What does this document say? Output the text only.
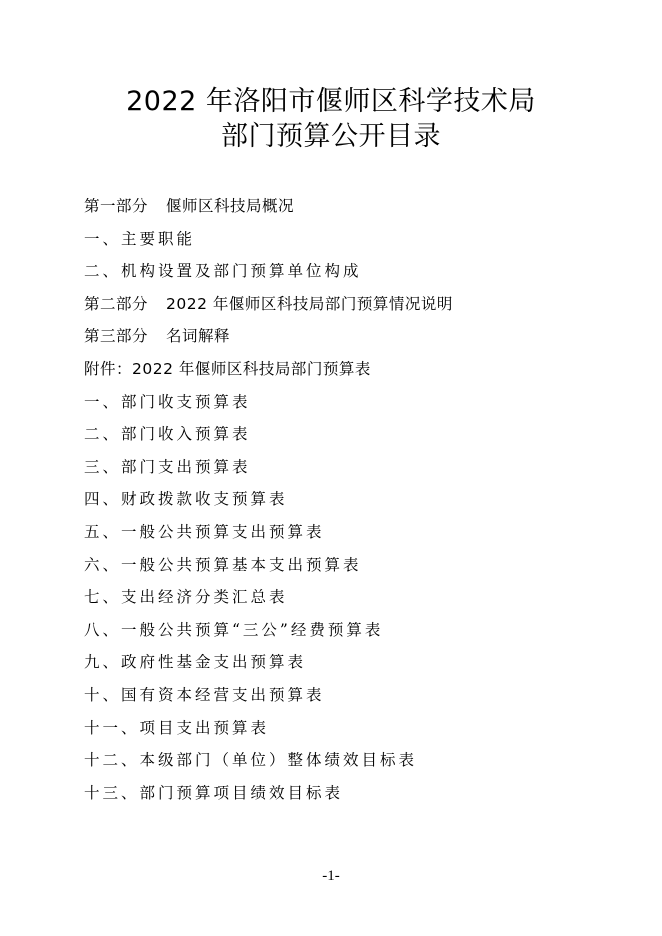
2022 年洛阳市偃师区科学技术局
部门预算公开目录
第一部分 偃师区科技局概况
一、主要职能
二、机构设置及部门预算单位构成
第二部分 2022 年偃师区科技局部门预算情况说明
第三部分 名词解释
附件：2022 年偃师区科技局部门预算表
一、部门收支预算表
二、部门收入预算表
三、部门支出预算表
四、财政拨款收支预算表
五、一般公共预算支出预算表
六、一般公共预算基本支出预算表
七、支出经济分类汇总表
八、一般公共预算“三公”经费预算表
九、政府性基金支出预算表
十、国有资本经营支出预算表
十一、项目支出预算表
十二、本级部门（单位）整体绩效目标表
十三、部门预算项目绩效目标表
-1-
